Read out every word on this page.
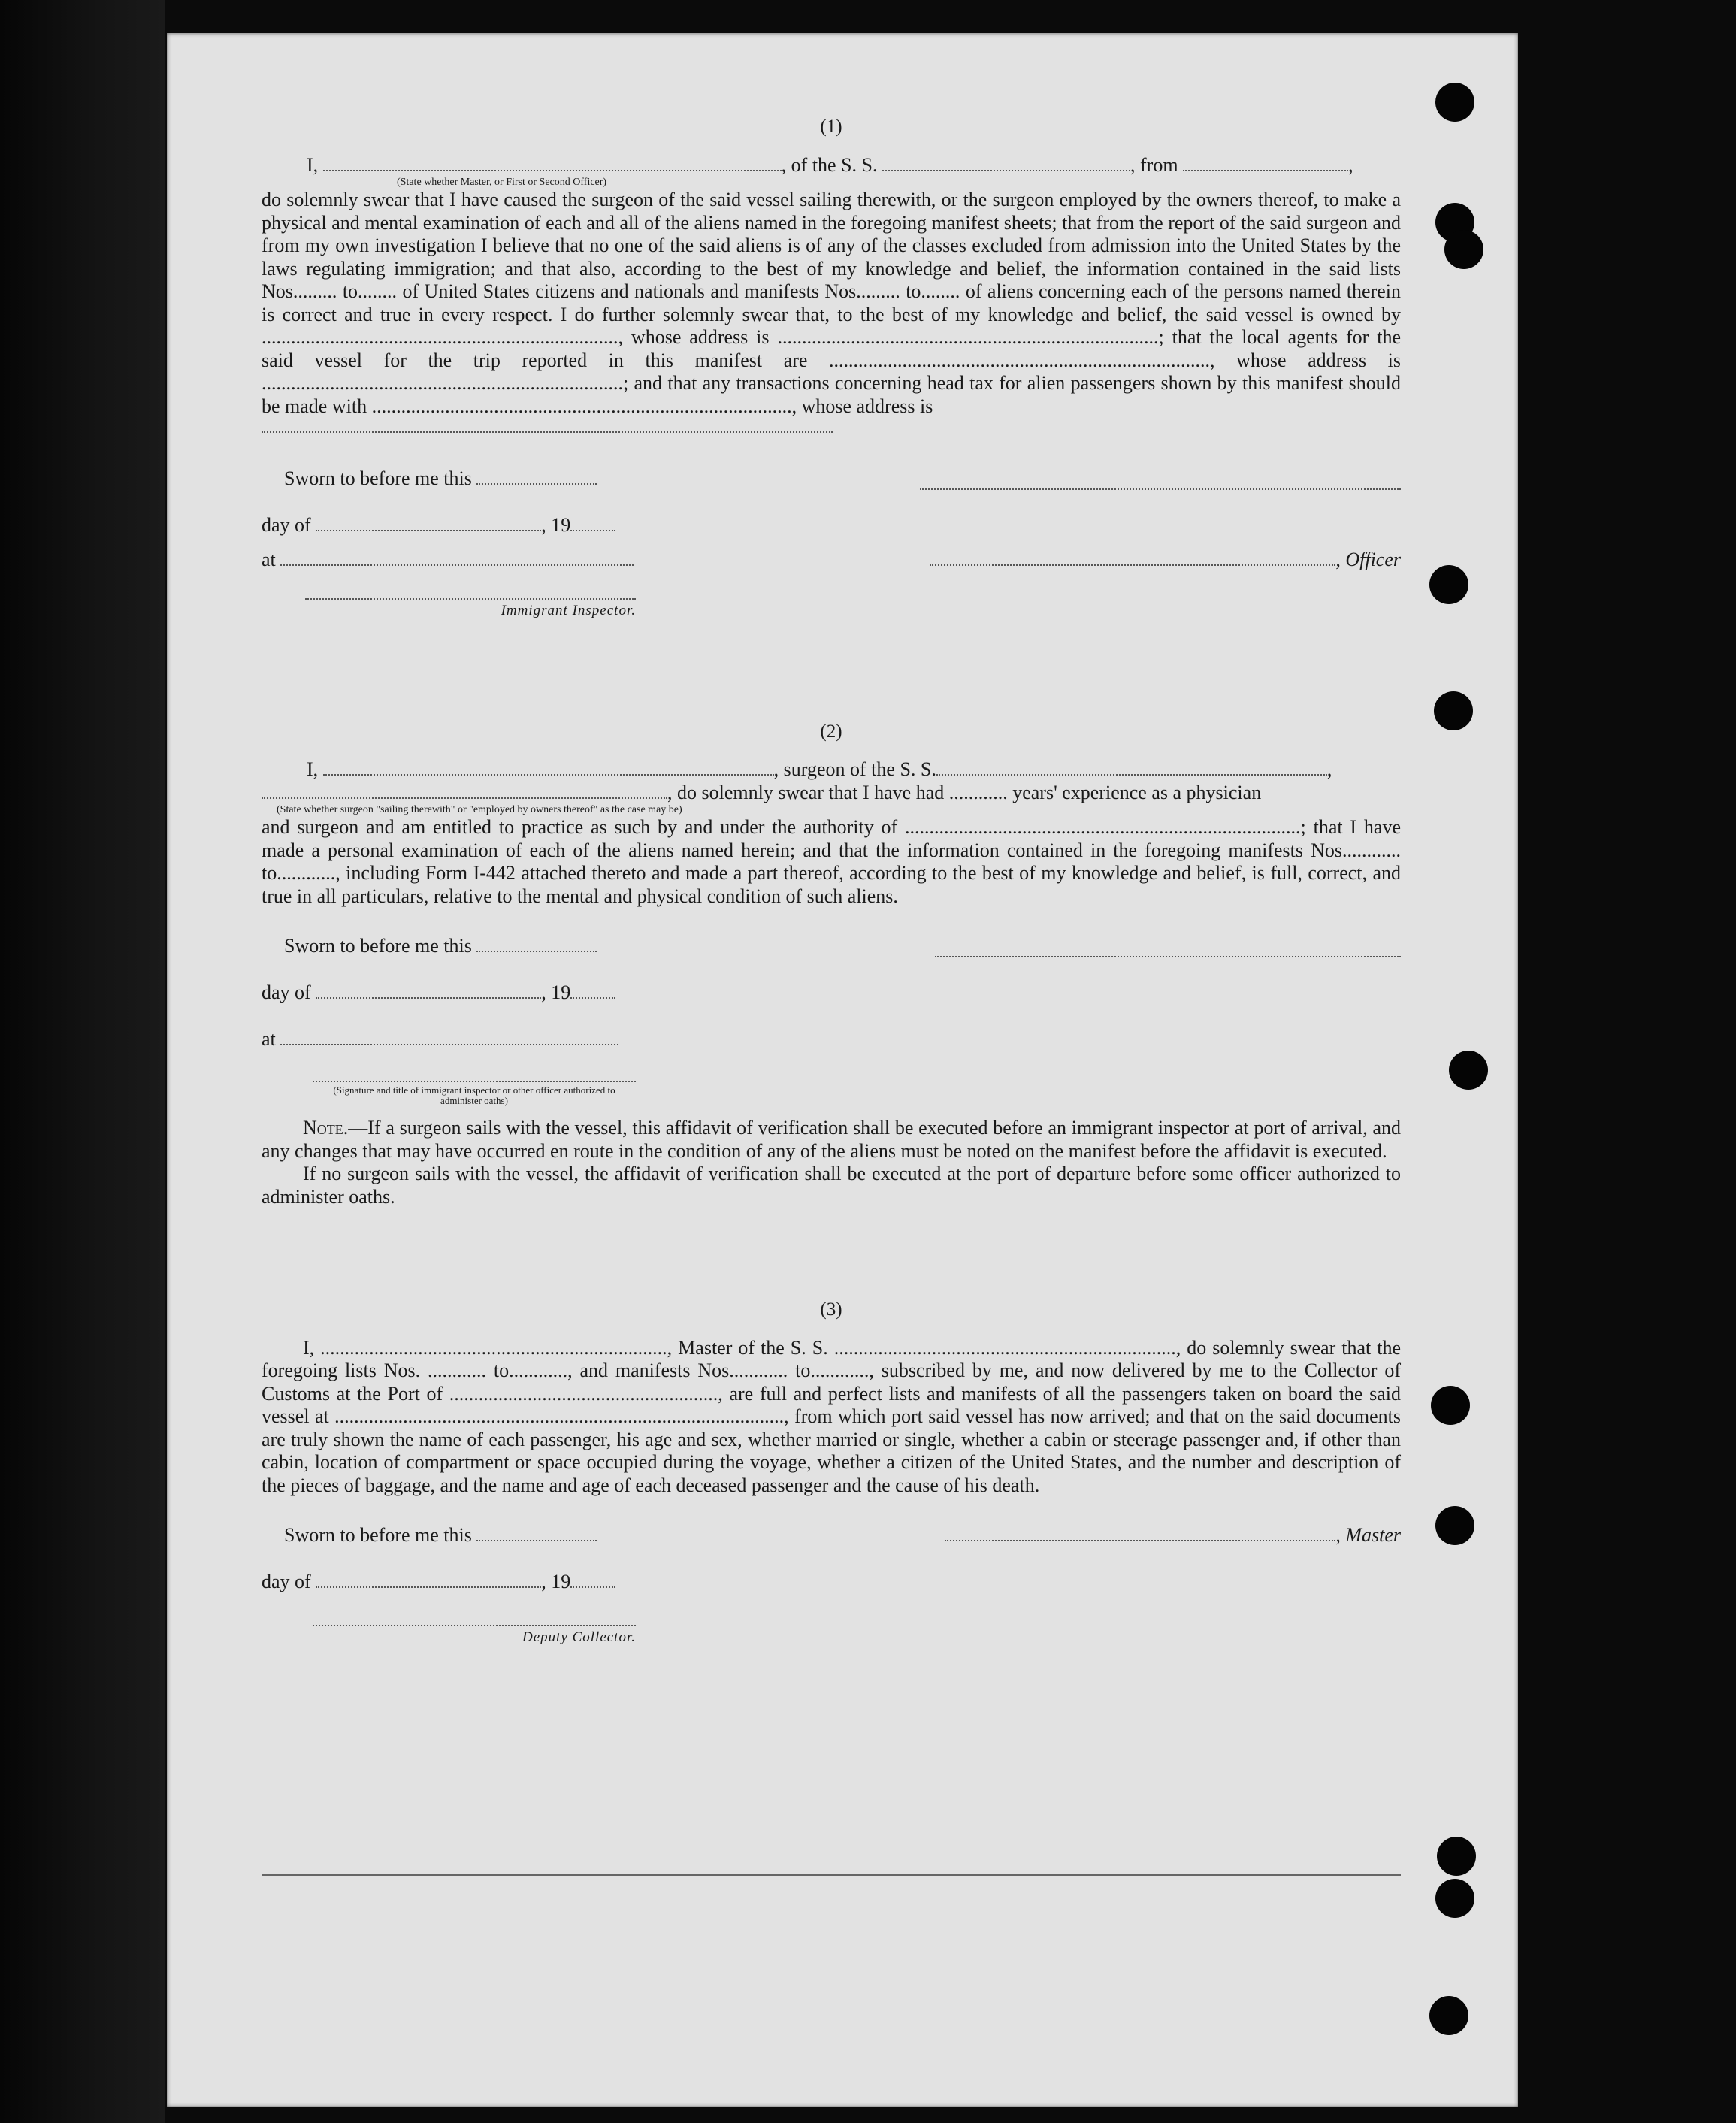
(1)
I,	, of the S. S.	, from	,
(State whether Master, or First or Second Officer)

do solemnly swear that I have caused the surgeon of the said vessel sailing therewith, or the surgeon employed by the owners thereof, to make a physical and mental examination of each and all of the aliens named in the foregoing manifest sheets; that from the report of the said surgeon and from my own investigation I believe that no one of the said aliens is of any of the classes excluded from admission into the United States by the laws regulating immigration; and that also, according to the best of my knowledge and belief, the information contained in the said lists Nos......... to........ of United States citizens and nationals and manifests Nos......... to........ of aliens concerning each of the persons named therein is correct and true in every respect. I do further solemnly swear that, to the best of my knowledge and belief, the said vessel is owned by ........................................................................., whose address is ..............................................................................; that the local agents for the said vessel for the trip reported in this manifest are .............................................................................., whose address is ..........................................................................; and that any transactions concerning head tax for alien passengers shown by this manifest should be made with ......................................................................................, whose address is

Sworn to before me this
day of	, 19
at	, Officer
Immigrant Inspector.
(2)
I,	, surgeon of the S. S.	,
, do solemnly swear that I have had ............ years' experience as a physician
(State whether surgeon "sailing therewith" or "employed by owners thereof" as the case may be)

and surgeon and am entitled to practice as such by and under the authority of .................................................................................; that I have made a personal examination of each of the aliens named herein; and that the information contained in the foregoing manifests Nos............ to............, including Form I-442 attached thereto and made a part thereof, according to the best of my knowledge and belief, is full, correct, and true in all particulars, relative to the mental and physical condition of such aliens.

Sworn to before me this
day of	, 19
at
(Signature and title of immigrant inspector or other officer authorized to administer oaths)

Note.—If a surgeon sails with the vessel, this affidavit of verification shall be executed before an immigrant inspector at port of arrival, and any changes that may have occurred en route in the condition of any of the aliens must be noted on the manifest before the affidavit is executed.

If no surgeon sails with the vessel, the affidavit of verification shall be executed at the port of departure before some officer authorized to administer oaths.

(3)

I, ......................................................................., Master of the S. S. ......................................................................, do solemnly swear that the foregoing lists Nos. ............ to............, and manifests Nos............ to............, subscribed by me, and now delivered by me to the Collector of Customs at the Port of ......................................................., are full and perfect lists and manifests of all the passengers taken on board the said vessel at ............................................................................................, from which port said vessel has now arrived; and that on the said documents are truly shown the name of each passenger, his age and sex, whether married or single, whether a cabin or steerage passenger and, if other than cabin, location of compartment or space occupied during the voyage, whether a citizen of the United States, and the number and description of the pieces of baggage, and the name and age of each deceased passenger and the cause of his death.

Sworn to before me this	, Master
day of	, 19
Deputy Collector.
